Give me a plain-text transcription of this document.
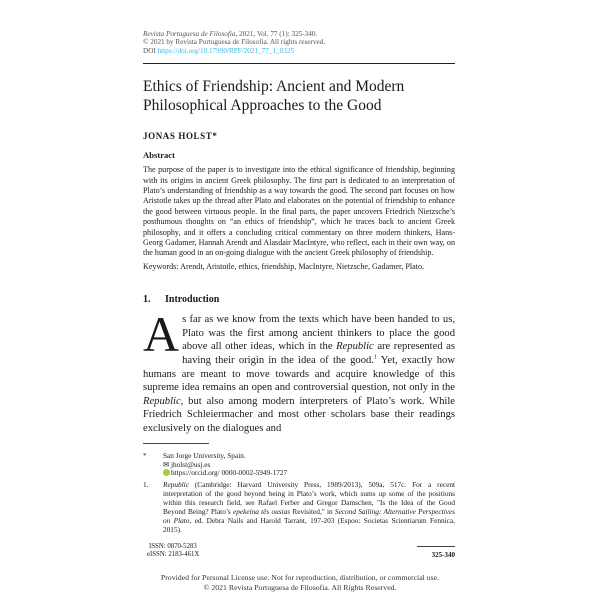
Revista Portuguesa de Filosofia, 2021, Vol. 77 (1): 325-340.
© 2021 by Revista Portuguesa de Filosofia. All rights reserved.
DOI https://doi.org/10.17990/RPF/2021_77_1_0325
Ethics of Friendship: Ancient and Modern Philosophical Approaches to the Good
JONAS HOLST*
Abstract
The purpose of the paper is to investigate into the ethical significance of friendship, beginning with its origins in ancient Greek philosophy. The first part is dedicated to an interpretation of Plato’s understanding of friendship as a way towards the good. The second part focuses on how Aristotle takes up the thread after Plato and elaborates on the potential of friendship to enhance the good between virtuous people. In the final parts, the paper uncovers Friedrich Nietzsche’s posthumous thoughts on “an ethics of friendship”, which he traces back to ancient Greek philosophy, and it offers a concluding critical commentary on three modern thinkers, Hans-Georg Gadamer, Hannah Arendt and Alasdair MacIntyre, who reflect, each in their own way, on the human good in an on-going dialogue with the ancient Greek philosophy of friendship.
Keywords: Arendt, Aristotle, ethics, friendship, MacIntyre, Nietzsche, Gadamer, Plato.
1. Introduction
As far as we know from the texts which have been handed to us, Plato was the first among ancient thinkers to place the good above all other ideas, which in the Republic are represented as having their origin in the idea of the good.$^1$ Yet, exactly how humans are meant to move towards and acquire knowledge of this supreme idea remains an open and controversial question, not only in the Republic, but also among modern interpreters of Plato’s work. While Friedrich Schleiermacher and most other scholars base their readings exclusively on the dialogues and
* San Jorge University, Spain.
✉ jholst@usj.es
https://orcid.org/ 0000-0002-5949-1727
1. Republic (Cambridge: Harvard University Press, 1989/2013), 509a, 517c. For a recent interpretation of the good beyond being in Plato’s work, which sums up some of the positions within this research field, see Rafael Ferber and Gregor Damschen, "Is the Idea of the Good Beyond Being? Plato’s epekeina tês ousias Revisited," in Second Sailing: Alternative Perspectives on Plato, ed. Debra Nails and Harold Tarrant, 197-203 (Espoo: Societas Scientiarum Fennica, 2015).
ISSN: 0870-5283
eISSN: 2183-461X	325-340
Provided for Personal License use. Not for reproduction, distribution, or commercial use.
© 2021 Revista Portuguesa de Filosofia. All Rights Reserved.
